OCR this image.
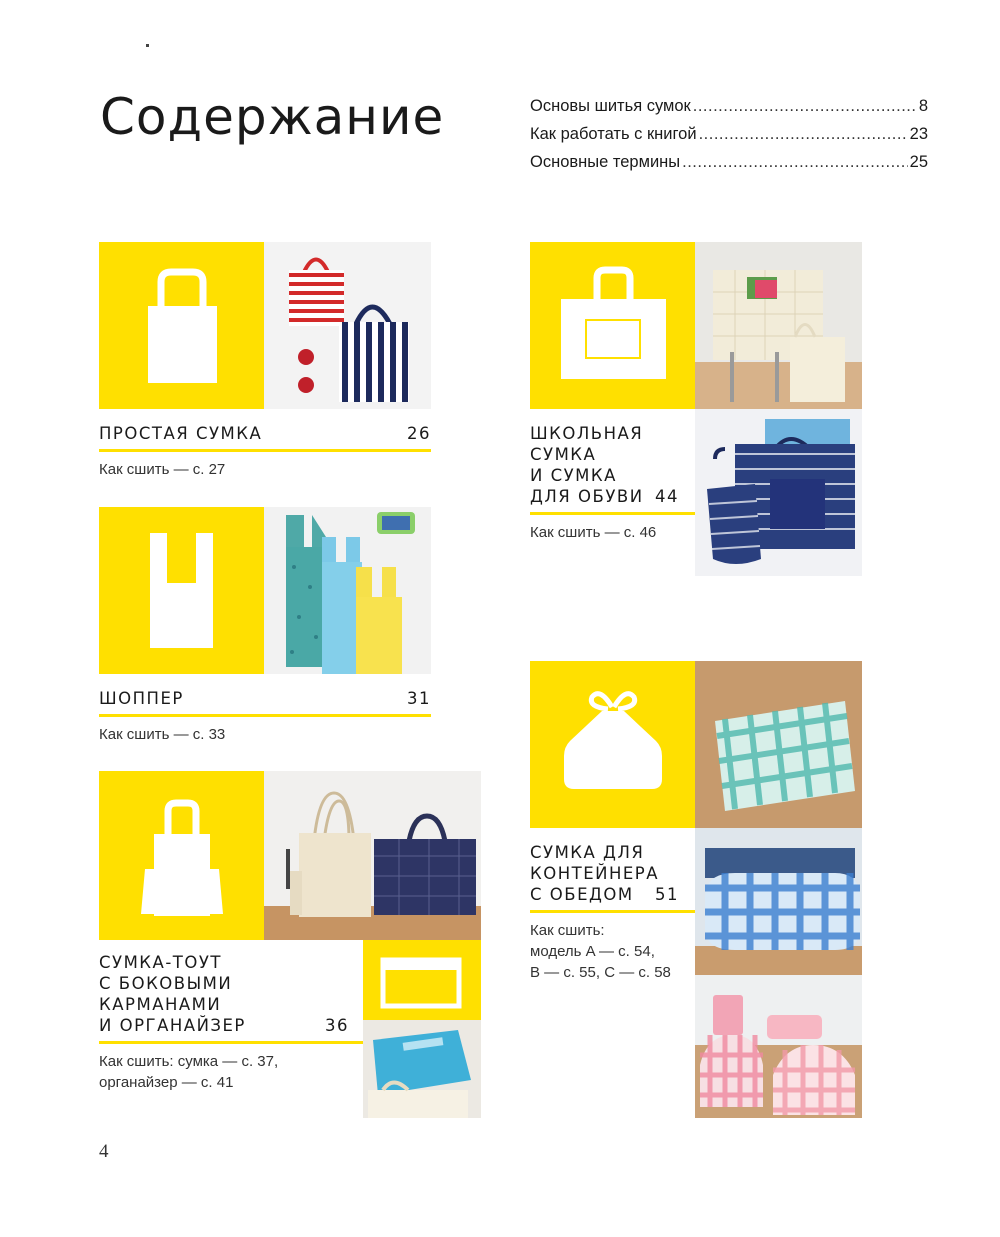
Содержание	Основы шитья сумок .....	8
Как работать с книгой .....	23
Основные термины .....	25
ПРОСТАЯ СУМКА	26
Как сшить — с. 27
ШОППЕР	31
Как сшить — с. 33
СУМКА-ТОУТ
С БОКОВЫМИ
КАРМАНАМИ
И ОРГАНАЙЗЕР	36
Как сшить: сумка — с. 37,
органайзер — с. 41
ШКОЛЬНАЯ
СУМКА
И СУМКА
ДЛЯ ОБУВИ 44
Как сшить — с. 46
СУМКА ДЛЯ
КОНТЕЙНЕРА
С ОБЕДОМ	51
Как сшить:
модель A — с. 54,
B — с. 55, C — с. 58
4
